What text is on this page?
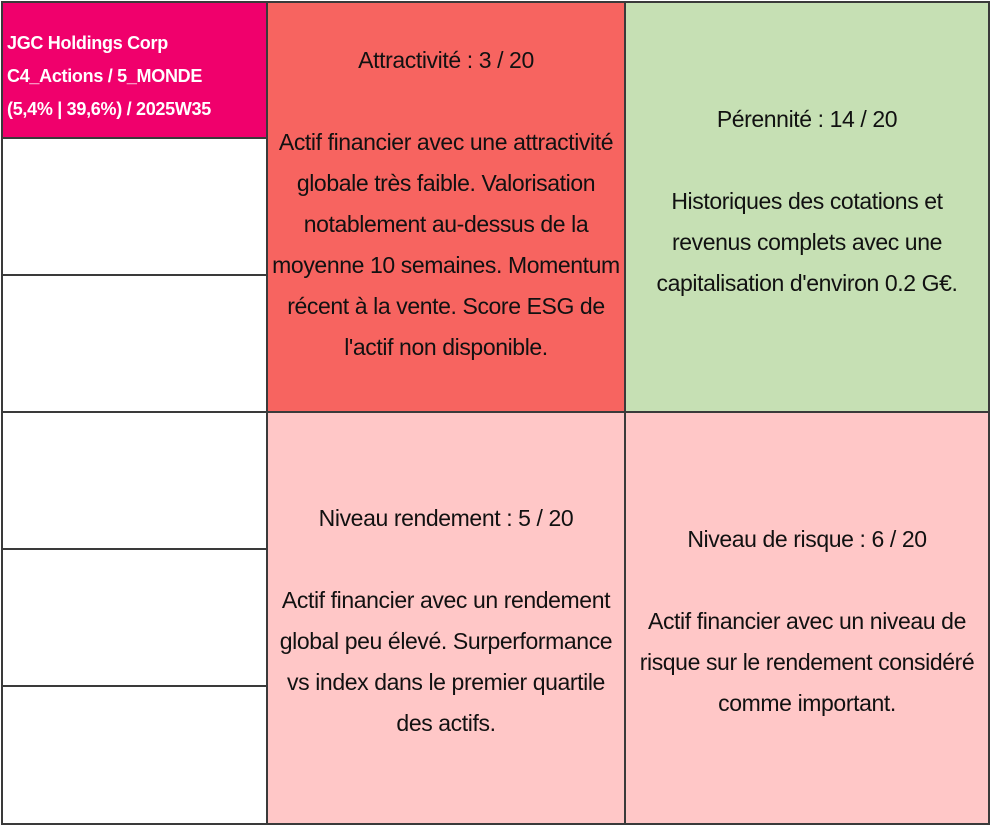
JGC Holdings Corp
C4_Actions / 5_MONDE
(5,4% | 39,6%) / 2025W35
Attractivité : 3 / 20
Actif financier avec une attractivité globale très faible. Valorisation notablement au-dessus de la moyenne 10 semaines. Momentum récent à la vente. Score ESG de l'actif non disponible.
Pérennité : 14 / 20
Historiques des cotations et revenus complets avec une capitalisation d'environ 0.2 G€.
Niveau rendement : 5 / 20
Actif financier avec un rendement global peu élevé. Surperformance vs index dans le premier quartile des actifs.
Niveau de risque : 6 / 20
Actif financier avec un niveau de risque sur le rendement considéré comme important.
